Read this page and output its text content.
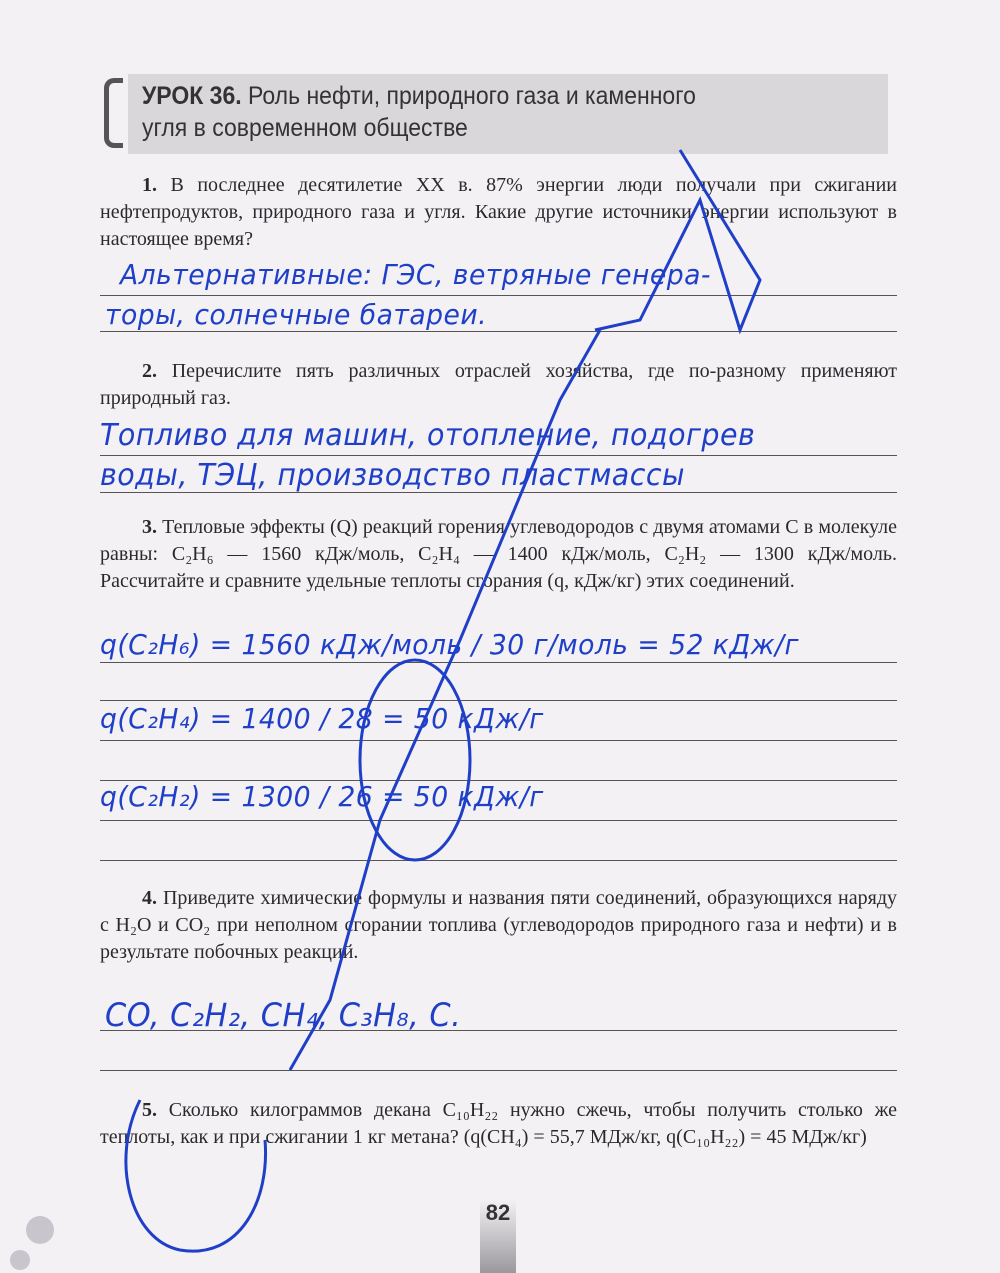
УРОК 36. Роль нефти, природного газа и каменного
угля в современном обществе
1. В последнее десятилетие XX в. 87% энергии люди получали при сжигании нефтепродуктов, природного газа и угля. Какие другие источники энергии используют в настоящее время?
Альтернативные: ГЭС, ветряные генера-
торы, солнечные батареи.
2. Перечислите пять различных отраслей хозяйства, где по-разному применяют природный газ.
Топливо для машин, отопление, подогрев
воды, ТЭЦ, производство пластмассы
3. Тепловые эффекты (Q) реакций горения углеводородов с двумя атомами С в молекуле равны: C₂H₆ — 1560 кДж/моль, C₂H₄ — 1400 кДж/моль, C₂H₂ — 1300 кДж/моль. Рассчитайте и сравните удельные теплоты сгорания (q, кДж/кг) этих соединений.
q(C₂H₆) = 1560 кДж/моль / 30 г/моль = 52 кДж/г
q(C₂H₄) = 1400 / 28 = 50 кДж/г
q(C₂H₂) = 1300 / 26 = 50 кДж/г
4. Приведите химические формулы и названия пяти соединений, образующихся наряду с H₂O и CO₂ при неполном сгорании топлива (углеводородов природного газа и нефти) и в результате побочных реакций.
CO, C₂H₂, CH₄, C₃H₈, C.
5. Сколько килограммов декана C₁₀H₂₂ нужно сжечь, чтобы получить столько же теплоты, как и при сжигании 1 кг метана? (q(CH₄) = 55,7 МДж/кг, q(C₁₀H₂₂) = 45 МДж/кг)
82
